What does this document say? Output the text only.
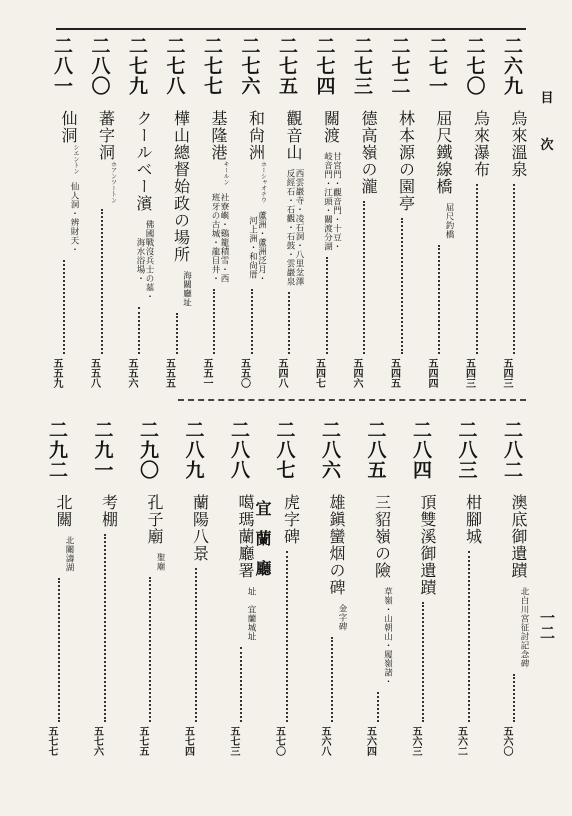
目
次
一二
宜蘭廳
二六九
烏來溫泉
五四三
二七〇
烏來瀑布
五四三
二七一
屈尺鐵線橋
屈尺釣橋
五四四
二七二
林本源の園亭
五四五
二七三
德高嶺の瀧
五四六
二七四
關渡
甘宮門・觀音門・十豆・
岐音門・江頭・關渡分湖
五四七
二七五
觀音山
西雲巖寺・凌石洞・八里坌澤
反經石・石觀・石鼓・雲巖泉
五四八
二七六
和尙洲
ホーシャオチウ
蘆洲・蘆洲泛月・
河上洲・和尙厝
五五〇
二七七
基隆港
キールン
社寮嶼・鷄籠積雪・西
班牙の古城・龍目井・
五五一
二七八
樺山總督始政の場所
海關廳址
五五五
二七九
クールベー濱
佛國戰沒兵士の墓・
海水浴場・
五五六
二八〇
蕃字洞
ホアンツートン
五五八
二八一
仙洞
シエントン
仙人洞・辨財天・
五五九
二八二
澳底御遺蹟
北白川宮征討記念碑
五六〇
二八三
柑腳城
五六二
二八四
頂雙溪御遺蹟
五六三
二八五
三貂嶺の險
草嶺・山朝山・履嶺諸・
五六四
二八六
雄鎭蠻烟の碑
金字碑
五六八
二八七
虎字碑
五七〇
二八八
噶瑪蘭廳署
址　宜蘭城址
五七三
二八九
蘭陽八景
五七四
二九〇
孔子廟
聖廟
五七五
二九一
考棚
五七六
二九二
北關
北關濤湖
五七七
